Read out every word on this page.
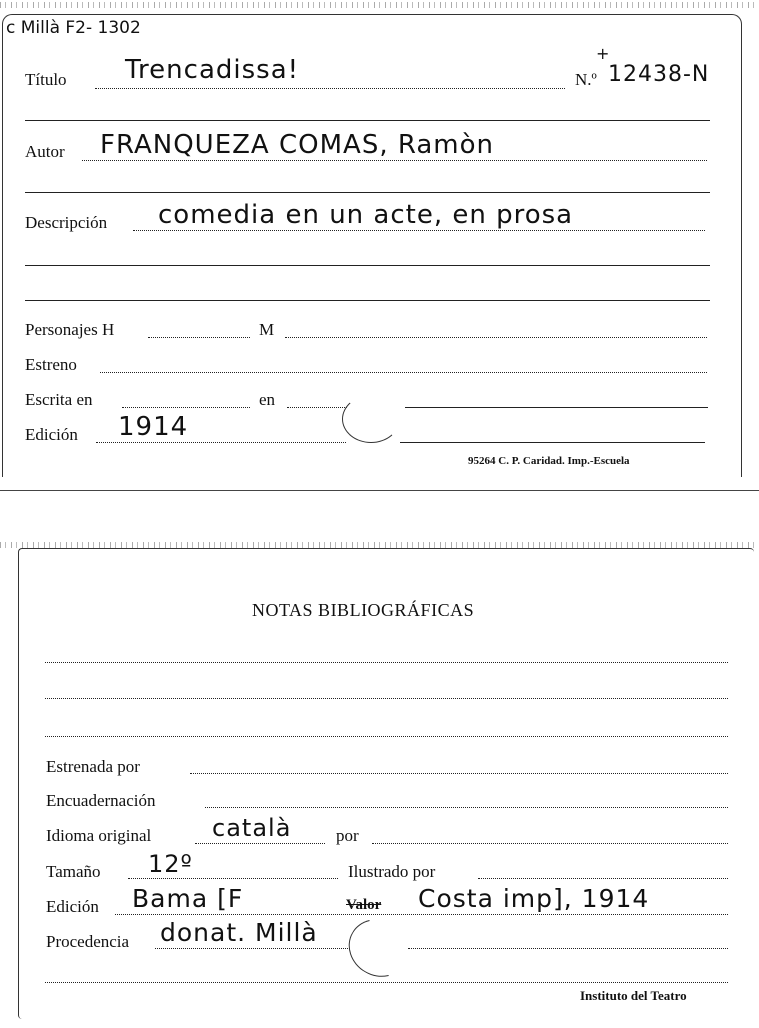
c Millà F2- 1302
Título Trencadissa!	N.º 12438-N
+
Autor FRANQUEZA COMAS, Ramòn
Descripción comedia en un acte, en prosa
Personajes H	M
Estreno
Escrita en	en
Edición 1914
95264 C. P. Caridad. Imp.-Escuela
NOTAS BIBLIOGRÁFICAS
Estrenada por
Encuadernación
Idioma original	català	por
Tamaño 12º	Ilustrado por
Edición Bama [F	Valor Costa imp], 1914
Procedencia donat. Millà
Instituto del Teatro
